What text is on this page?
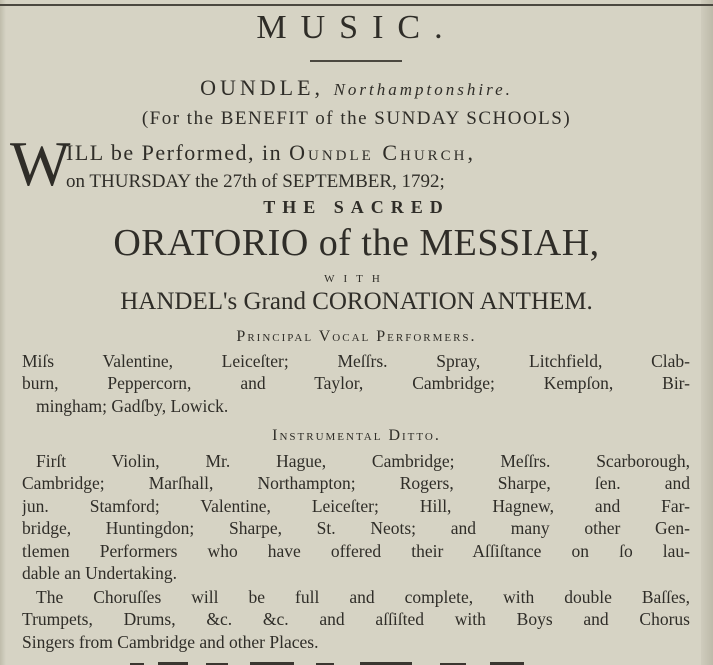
MUSIC.
OUNDLE, Northamptonshire.
(For the BENEFIT of the SUNDAY SCHOOLS)
W
ILL be Performed, in Oundle Church,
on THURSDAY the 27th of SEPTEMBER, 1792;
THE SACRED
ORATORIO of the MESSIAH,
WITH
HANDEL's Grand CORONATION ANTHEM.
Principal Vocal Performers.
Miſs Valentine, Leiceſter; Meſſrs. Spray, Litchfield, Clab-
burn, Peppercorn, and Taylor, Cambridge; Kempſon, Bir-
mingham; Gadſby, Lowick.
Instrumental Ditto.
Firſt Violin, Mr. Hague, Cambridge; Meſſrs. Scarborough,
Cambridge; Marſhall, Northampton; Rogers, Sharpe, ſen. and
jun. Stamford; Valentine, Leiceſter; Hill, Hagnew, and Far-
bridge, Huntingdon; Sharpe, St. Neots; and many other Gen-
tlemen Performers who have offered their Aſſiſtance on ſo lau-
dable an Undertaking.
The Choruſſes will be full and complete, with double Baſſes,
Trumpets, Drums, &c. &c. and aſſiſted with Boys and Chorus
Singers from Cambridge and other Places.
